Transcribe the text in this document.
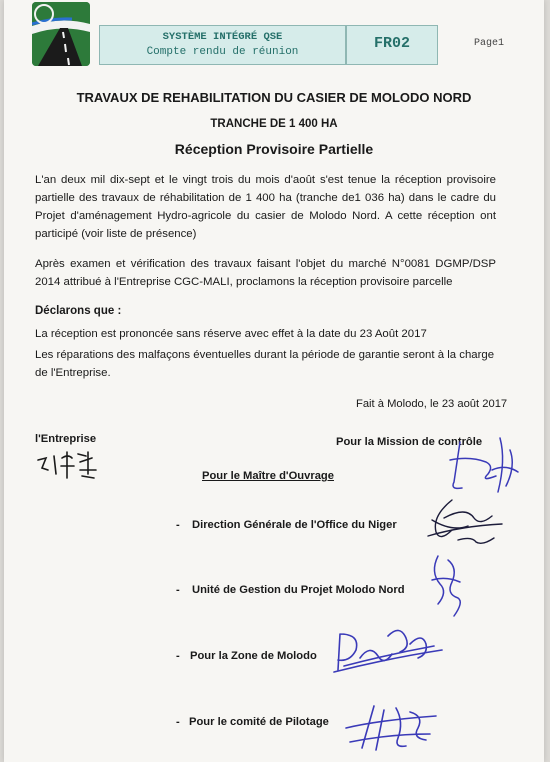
SYSTÈME INTÉGRÉ QSE
Compte rendu de réunion	FR02	Page1
TRAVAUX DE REHABILITATION DU CASIER DE MOLODO NORD
TRANCHE DE 1 400 HA
Réception Provisoire Partielle
L'an deux mil dix-sept et le vingt trois du mois d'août s'est tenue la réception provisoire partielle des travaux de réhabilitation de 1 400 ha (tranche de1 036 ha) dans le cadre du Projet d'aménagement Hydro-agricole du casier de Molodo Nord. A cette réception ont participé (voir liste de présence)
Après examen et vérification des travaux faisant l'objet du marché N°0081 DGMP/DSP 2014 attribué à l'Entreprise CGC-MALI, proclamons la réception provisoire parcelle
Déclarons que :
La réception est prononcée sans réserve avec effet à la date du 23 Août 2017
Les réparations des malfaçons éventuelles durant la période de garantie seront à la charge de l'Entreprise.
Fait à Molodo, le 23 août 2017
l'Entreprise	Pour la Mission de contrôle
Pour le Maître d'Ouvrage
- Direction Générale de l'Office du Niger
- Unité de Gestion du Projet Molodo Nord
- Pour la Zone de Molodo
- Pour le comité de Pilotage
